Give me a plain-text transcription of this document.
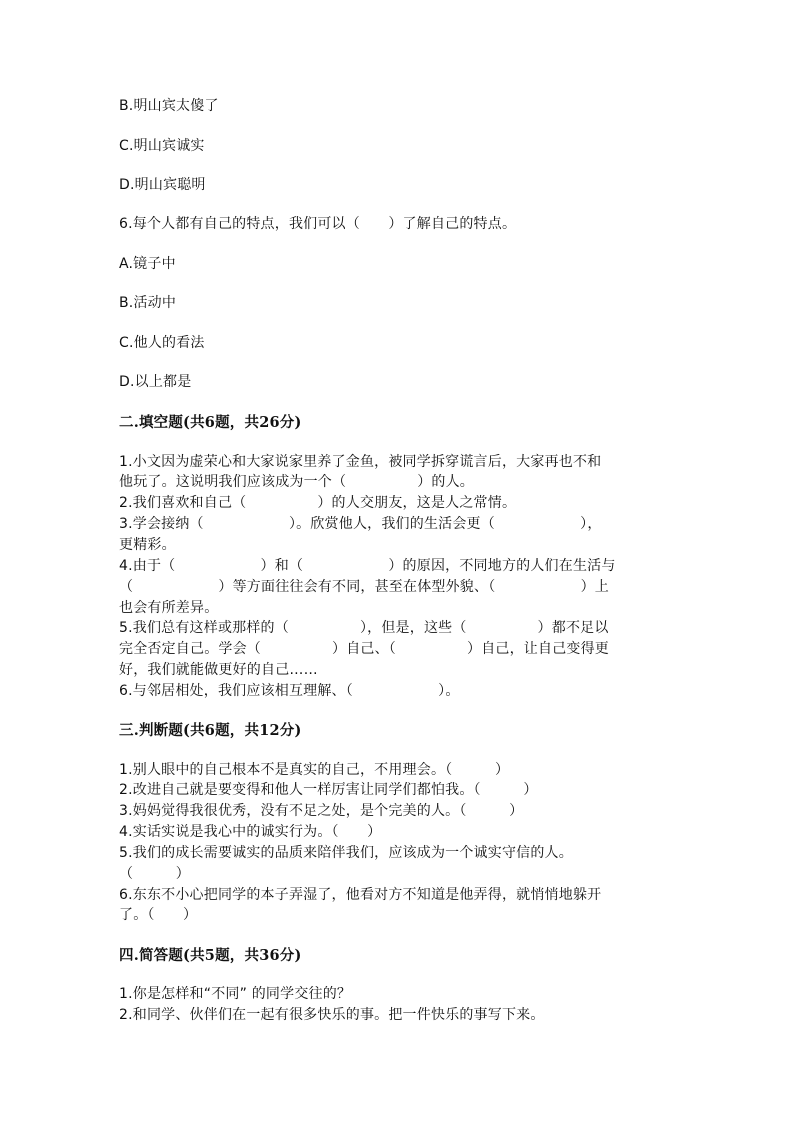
B.明山宾太傻了
C.明山宾诚实
D.明山宾聪明
6.每个人都有自己的特点，我们可以（　　）了解自己的特点。
A.镜子中
B.活动中
C.他人的看法
D.以上都是
二.填空题(共6题，共26分)
1.小文因为虚荣心和大家说家里养了金鱼，被同学拆穿谎言后，大家再也不和
他玩了。这说明我们应该成为一个（　　　　　）的人。
2.我们喜欢和自己（　　　　　）的人交朋友，这是人之常情。
3.学会接纳（　　　　　　）。欣赏他人，我们的生活会更（　　　　　　），
更精彩。
4.由于（　　　　　　）和（　　　　　　）的原因，不同地方的人们在生活与
（　　　　　　）等方面往往会有不同，甚至在体型外貌、（　　　　　　）上
也会有所差异。
5.我们总有这样或那样的（　　　　　），但是，这些（　　　　　）都不足以
完全否定自己。学会（　　　　　）自己、（　　　　　）自己，让自己变得更
好，我们就能做更好的自己……
6.与邻居相处，我们应该相互理解、（　　　　　　）。
三.判断题(共6题，共12分)
1.别人眼中的自己根本不是真实的自己，不用理会。（　　　）
2.改进自己就是要变得和他人一样厉害让同学们都怕我。（　　　）
3.妈妈觉得我很优秀，没有不足之处，是个完美的人。（　　　）
4.实话实说是我心中的诚实行为。（　　）
5.我们的成长需要诚实的品质来陪伴我们，应该成为一个诚实守信的人。
（　　　）
6.东东不小心把同学的本子弄湿了，他看对方不知道是他弄得，就悄悄地躲开
了。（　　）
四.简答题(共5题，共36分)
1.你是怎样和“不同” 的同学交往的？
2.和同学、伙伴们在一起有很多快乐的事。把一件快乐的事写下来。
